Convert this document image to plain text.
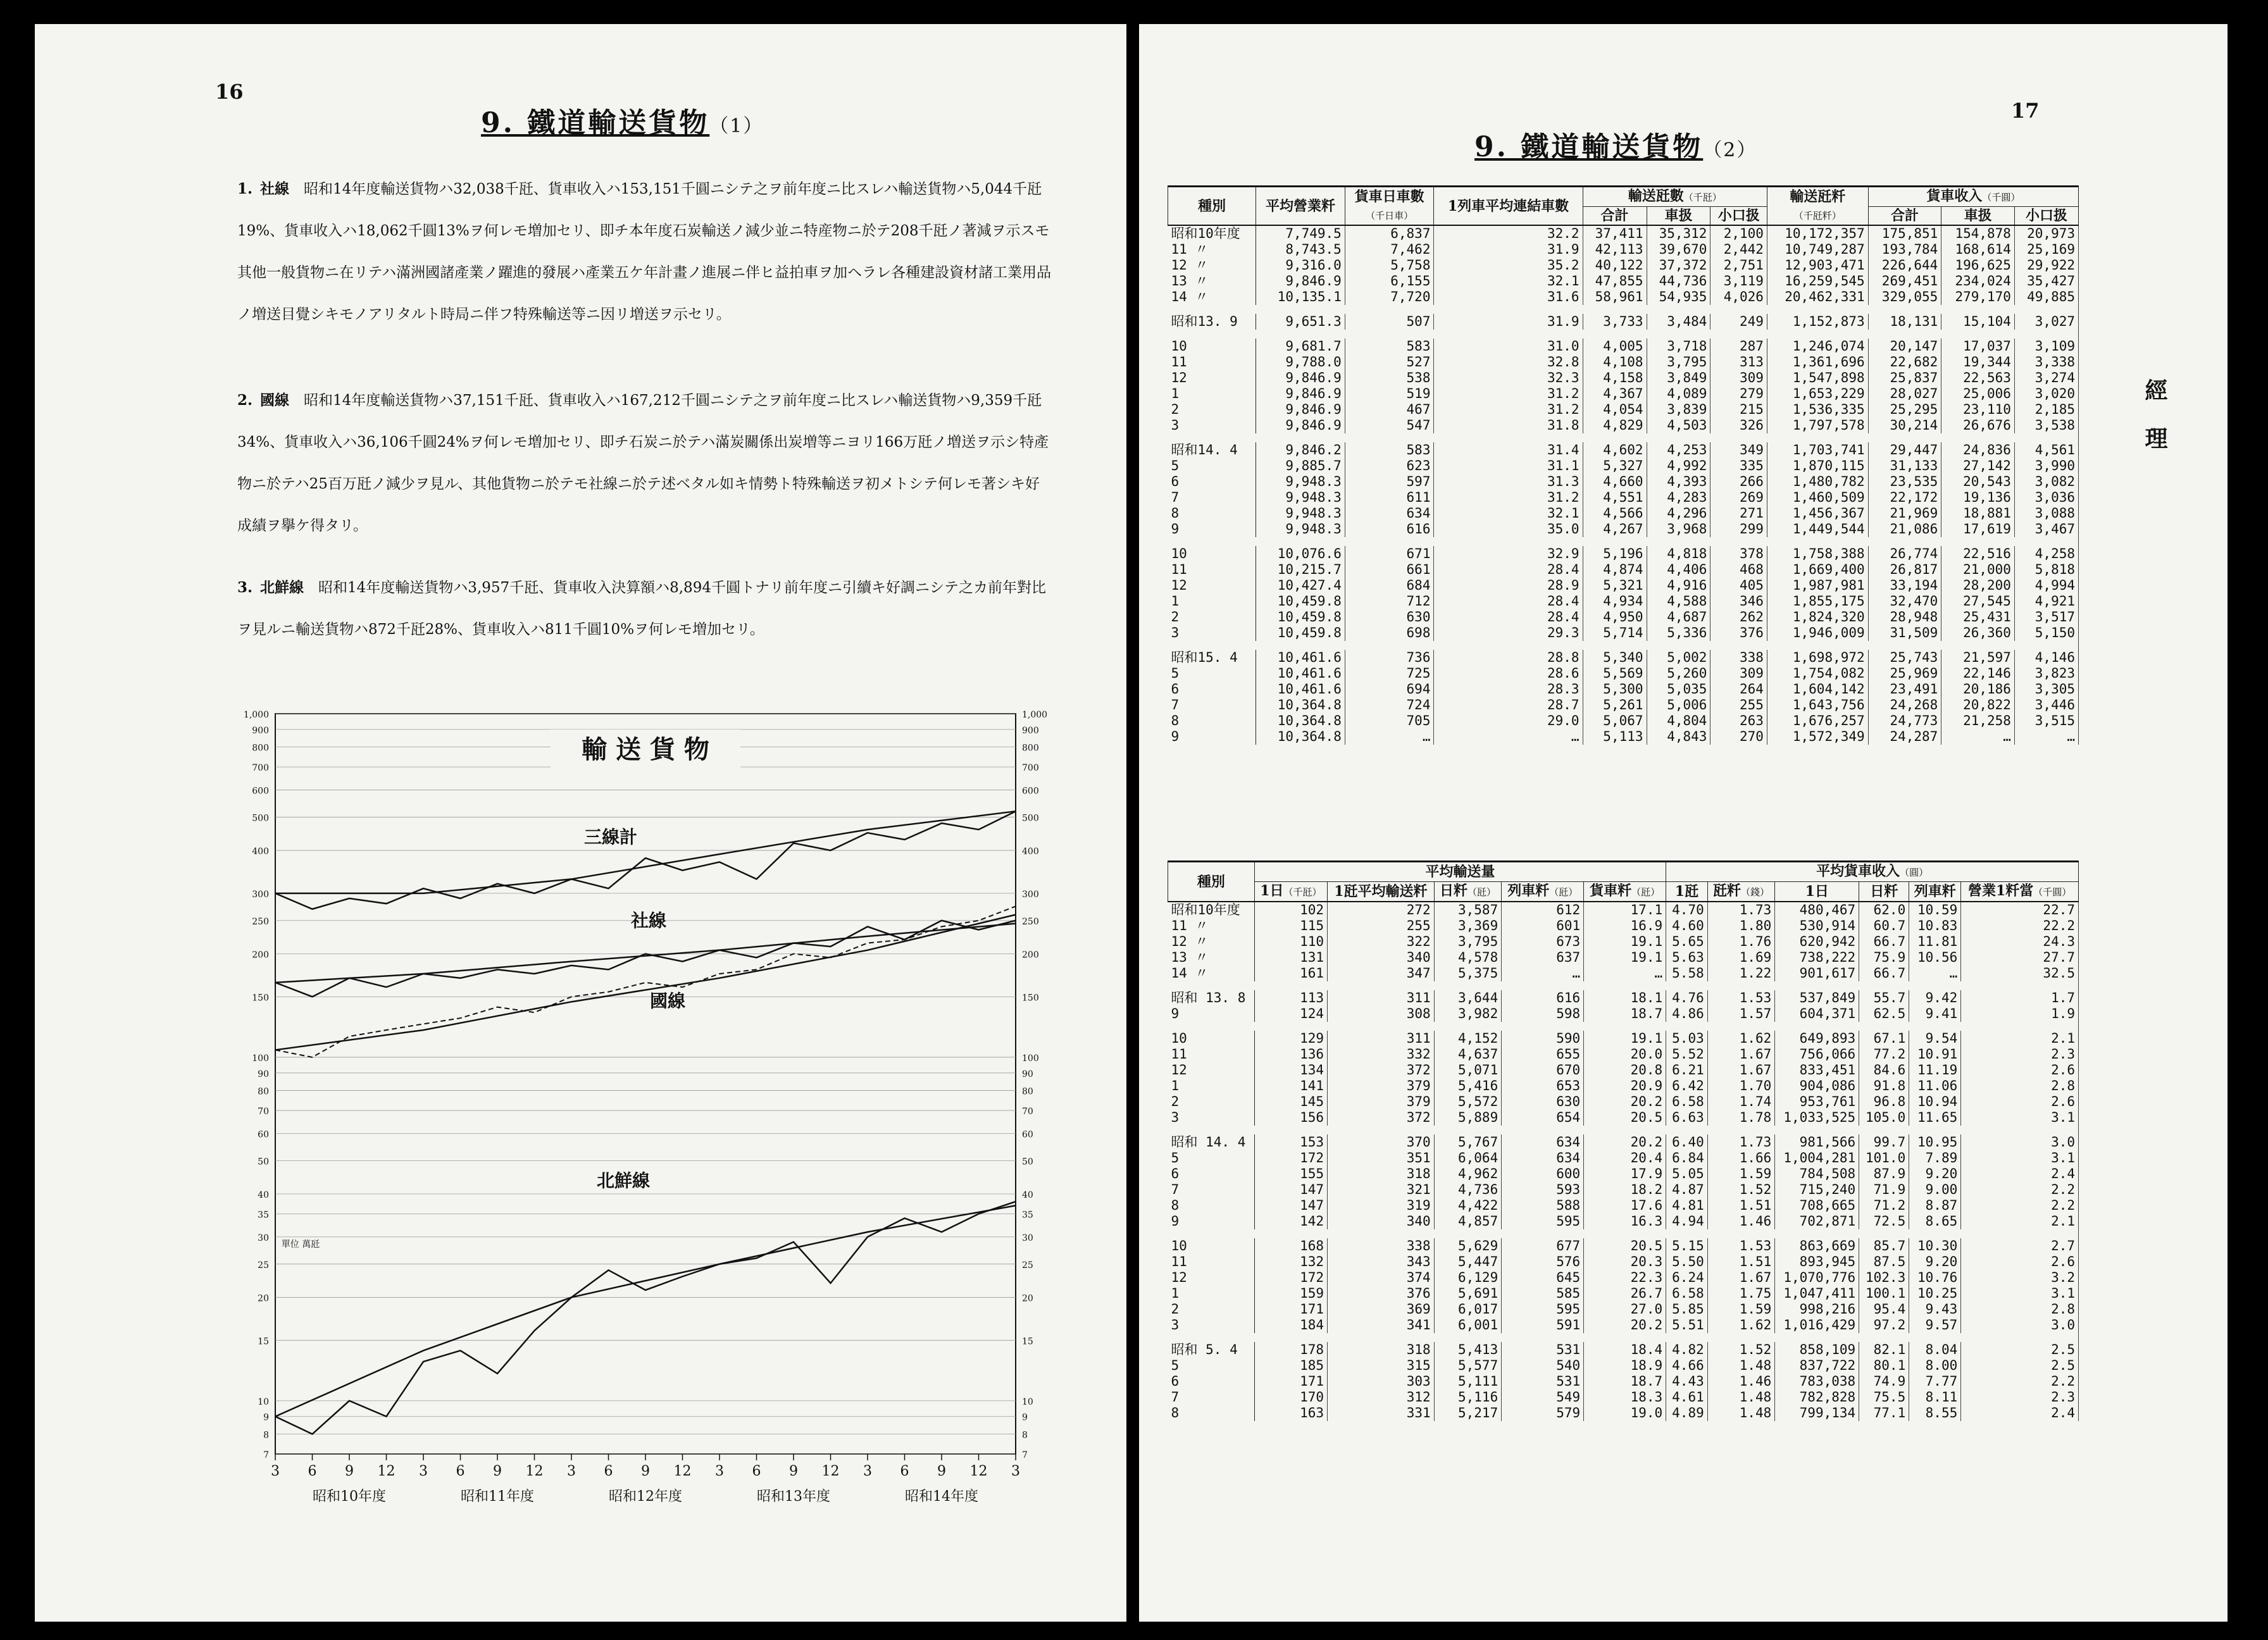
16
9. 鐵道輸送貨物（1）
1. 社線　 昭和14年度輸送貨物ハ32,038千瓩、貨車收入ハ153,151千圓ニシテ之ヲ前年度ニ比スレハ輸送貨物ハ5,044千瓩19%、貨車收入ハ18,062千圓13%ヲ何レモ増加セリ、即チ本年度石炭輸送ノ減少並ニ特産物ニ於テ208千瓩ノ著減ヲ示スモ其他一般貨物ニ在リテハ滿洲國諸產業ノ躍進的發展ハ產業五ケ年計畫ノ進展ニ伴ヒ益拍車ヲ加ヘラレ各種建設資材諸工業用品ノ増送目覺シキモノアリタルト時局ニ伴フ特殊輸送等ニ因リ増送ヲ示セリ。
2. 國線　 昭和14年度輸送貨物ハ37,151千瓩、貨車收入ハ167,212千圓ニシテ之ヲ前年度ニ比スレハ輸送貨物ハ9,359千瓩34%、貨車收入ハ36,106千圓24%ヲ何レモ増加セリ、即チ石炭ニ於テハ滿炭關係出炭増等ニヨリ166万瓩ノ増送ヲ示シ特產物ニ於テハ25百万瓩ノ減少ヲ見ル、其他貨物ニ於テモ社線ニ於テ述ベタル如キ情勢ト特殊輸送ヲ初メトシテ何レモ著シキ好成績ヲ擧ケ得タリ。
3. 北鮮線　 昭和14年度輸送貨物ハ3,957千瓩、貨車收入決算額ハ8,894千圓トナリ前年度ニ引續キ好調ニシテ之カ前年對比ヲ見ルニ輸送貨物ハ872千瓩28%、貨車收入ハ811千圓10%ヲ何レモ増加セリ。
1,000
900
800
700
600
500
400
300
250
200
150
100
90
80
70
60
50
40
35
30
25
20
15
10
9
8
7
1,000
900
800
700
600
500
400
300
250
200
150
100
90
80
70
60
50
40
35
30
25
20
15
10
9
8
7
3 6 9 12 3 6 9 12 3 6 9 12 3 6 9 12 3 6 9 12 3
昭和10年度	昭和11年度	昭和12年度	昭和13年度	昭和14年度
輸 送 貨 物
單位 萬瓩
三線計
社線
國線
北鮮線
17
9. 鐵道輸送貨物（2）
經理
種別	平均營業粁	貨車日車數
（千日車）	1列車平均連結車數	輸送瓩數（千瓩）			輸送瓩粁
（千瓩粁）	貨車收入（千圓）		
				合計	車扱	小口扱		合計	車扱	小口扱
昭和10年度	7,749.5	6,837	32.2	37,411	35,312	2,100	10,172,357	175,851	154,878	20,973
11 〃	8,743.5	7,462	31.9	42,113	39,670	2,442	10,749,287	193,784	168,614	25,169
12 〃	9,316.0	5,758	35.2	40,122	37,372	2,751	12,903,471	226,644	196,625	29,922
13 〃	9,846.9	6,155	32.1	47,855	44,736	3,119	16,259,545	269,451	234,024	35,427
14 〃	10,135.1	7,720	31.6	58,961	54,935	4,026	20,462,331	329,055	279,170	49,885

昭和13. 9	9,651.3	507	31.9	3,733	3,484	249	1,152,873	18,131	15,104	3,027

10	9,681.7	583	31.0	4,005	3,718	287	1,246,074	20,147	17,037	3,109
11	9,788.0	527	32.8	4,108	3,795	313	1,361,696	22,682	19,344	3,338
12	9,846.9	538	32.3	4,158	3,849	309	1,547,898	25,837	22,563	3,274
1	9,846.9	519	31.2	4,367	4,089	279	1,653,229	28,027	25,006	3,020
2	9,846.9	467	31.2	4,054	3,839	215	1,536,335	25,295	23,110	2,185
3	9,846.9	547	31.8	4,829	4,503	326	1,797,578	30,214	26,676	3,538

昭和14. 4	9,846.2	583	31.4	4,602	4,253	349	1,703,741	29,447	24,836	4,561
5	9,885.7	623	31.1	5,327	4,992	335	1,870,115	31,133	27,142	3,990
6	9,948.3	597	31.3	4,660	4,393	266	1,480,782	23,535	20,543	3,082
7	9,948.3	611	31.2	4,551	4,283	269	1,460,509	22,172	19,136	3,036
8	9,948.3	634	32.1	4,566	4,296	271	1,456,367	21,969	18,881	3,088
9	9,948.3	616	35.0	4,267	3,968	299	1,449,544	21,086	17,619	3,467

10	10,076.6	671	32.9	5,196	4,818	378	1,758,388	26,774	22,516	4,258
11	10,215.7	661	28.4	4,874	4,406	468	1,669,400	26,817	21,000	5,818
12	10,427.4	684	28.9	5,321	4,916	405	1,987,981	33,194	28,200	4,994
1	10,459.8	712	28.4	4,934	4,588	346	1,855,175	32,470	27,545	4,921
2	10,459.8	630	28.4	4,950	4,687	262	1,824,320	28,948	25,431	3,517
3	10,459.8	698	29.3	5,714	5,336	376	1,946,009	31,509	26,360	5,150

昭和15. 4	10,461.6	736	28.8	5,340	5,002	338	1,698,972	25,743	21,597	4,146
5	10,461.6	725	28.6	5,569	5,260	309	1,754,082	25,969	22,146	3,823
6	10,461.6	694	28.3	5,300	5,035	264	1,604,142	23,491	20,186	3,305
7	10,364.8	724	28.7	5,261	5,006	255	1,643,756	24,268	20,822	3,446
8	10,364.8	705	29.0	5,067	4,804	263	1,676,257	24,773	21,258	3,515
9	10,364.8	…	…	5,113	4,843	270	1,572,349	24,287	…	…
種別	平均輸送量					平均貨車收入（圓）					
	1日（千瓩）	1瓩平均輸送粁	日粁（瓩）	列車粁（瓩）	貨車粁（瓩）	1瓩	瓩粁（錢）	1日	日粁	列車粁	營業1粁當（千圓）
昭和10年度	102	272	3,587	612	17.1	4.70	1.73	480,467	62.0	10.59	22.7
11 〃	115	255	3,369	601	16.9	4.60	1.80	530,914	60.7	10.83	22.2
12 〃	110	322	3,795	673	19.1	5.65	1.76	620,942	66.7	11.81	24.3
13 〃	131	340	4,578	637	19.1	5.63	1.69	738,222	75.9	10.56	27.7
14 〃	161	347	5,375	…	…	5.58	1.22	901,617	66.7	…	32.5

昭和 13. 8	113	311	3,644	616	18.1	4.76	1.53	537,849	55.7	9.42	1.7
9	124	308	3,982	598	18.7	4.86	1.57	604,371	62.5	9.41	1.9

10	129	311	4,152	590	19.1	5.03	1.62	649,893	67.1	9.54	2.1
11	136	332	4,637	655	20.0	5.52	1.67	756,066	77.2	10.91	2.3
12	134	372	5,071	670	20.8	6.21	1.67	833,451	84.6	11.19	2.6
1	141	379	5,416	653	20.9	6.42	1.70	904,086	91.8	11.06	2.8
2	145	379	5,572	630	20.2	6.58	1.74	953,761	96.8	10.94	2.6
3	156	372	5,889	654	20.5	6.63	1.78	1,033,525	105.0	11.65	3.1

昭和 14. 4	153	370	5,767	634	20.2	6.40	1.73	981,566	99.7	10.95	3.0
5	172	351	6,064	634	20.4	6.84	1.66	1,004,281	101.0	7.89	3.1
6	155	318	4,962	600	17.9	5.05	1.59	784,508	87.9	9.20	2.4
7	147	321	4,736	593	18.2	4.87	1.52	715,240	71.9	9.00	2.2
8	147	319	4,422	588	17.6	4.81	1.51	708,665	71.2	8.87	2.2
9	142	340	4,857	595	16.3	4.94	1.46	702,871	72.5	8.65	2.1

10	168	338	5,629	677	20.5	5.15	1.53	863,669	85.7	10.30	2.7
11	132	343	5,447	576	20.3	5.50	1.51	893,945	87.5	9.20	2.6
12	172	374	6,129	645	22.3	6.24	1.67	1,070,776	102.3	10.76	3.2
1	159	376	5,691	585	26.7	6.58	1.75	1,047,411	100.1	10.25	3.1
2	171	369	6,017	595	27.0	5.85	1.59	998,216	95.4	9.43	2.8
3	184	341	6,001	591	20.2	5.51	1.62	1,016,429	97.2	9.57	3.0

昭和 5. 4	178	318	5,413	531	18.4	4.82	1.52	858,109	82.1	8.04	2.5
5	185	315	5,577	540	18.9	4.66	1.48	837,722	80.1	8.00	2.5
6	171	303	5,111	531	18.7	4.43	1.46	783,038	74.9	7.77	2.2
7	170	312	5,116	549	18.3	4.61	1.48	782,828	75.5	8.11	2.3
8	163	331	5,217	579	19.0	4.89	1.48	799,134	77.1	8.55	2.4
